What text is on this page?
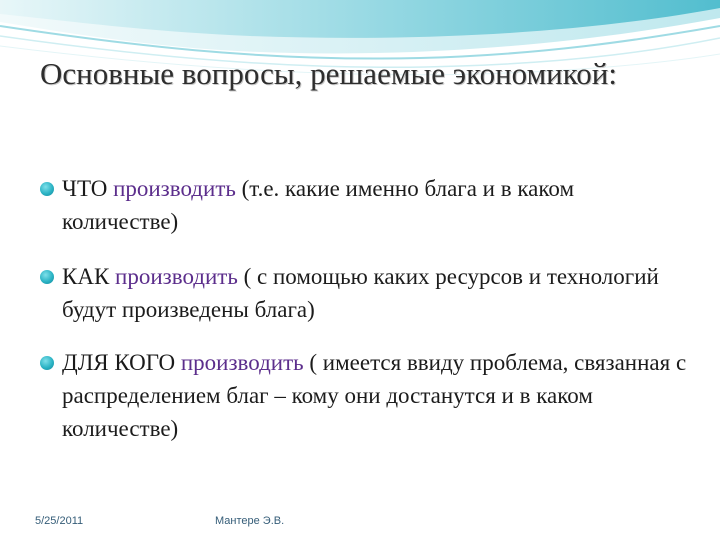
Основные вопросы, решаемые экономикой:
ЧТО производить (т.е. какие именно блага и в каком количестве)
КАК производить ( с помощью каких ресурсов и технологий будут произведены блага)
ДЛЯ КОГО производить ( имеется ввиду проблема, связанная с распределением благ – кому они достанутся и в каком количестве)
5/25/2011	Мантере Э.В.
